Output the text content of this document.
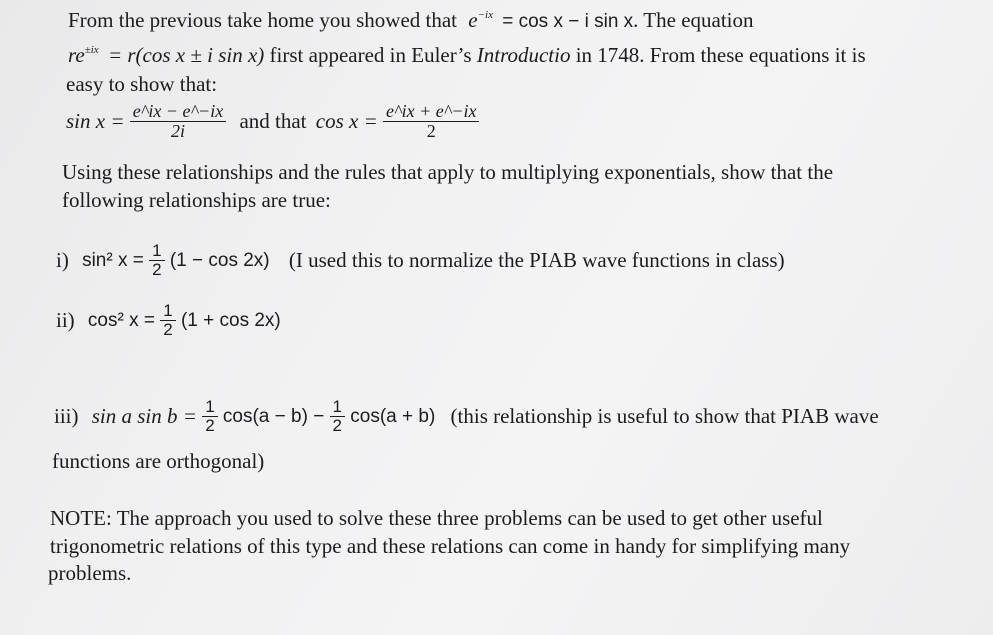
From the previous take home you showed that $e^{-ix} = \cos x - i$ sin x. The equation
$re^{\pm ix} = r(\cos$ x ± i sin x) first appeared in Euler’s Introductio in 1748. From these equations it is
easy to show that:
$\sin x = \frac{e\^{}ix - e\^{}-ix}{2i}$ and that $\cos x = \frac{e\^{}ix + e\^{}-ix}{2}$
Using these relationships and the rules that apply to multiplying exponentials, show that the
following relationships are true:
i) sin² $x = \frac{1}{2} (1 - \cos 2x)$ (I used this to normalize the PIAB wave functions in class)
ii) cos² $x = \frac{1}{2} (1 + \cos 2x)$
iii) sin a $\sin b = \frac{1}{2} \cos(a - b) - \frac{1}{2} \cos(a + b)$ (this relationship is useful to show that PIAB wave
functions are orthogonal)
NOTE: The approach you used to solve these three problems can be used to get other useful
trigonometric relations of this type and these relations can come in handy for simplifying many
problems.
